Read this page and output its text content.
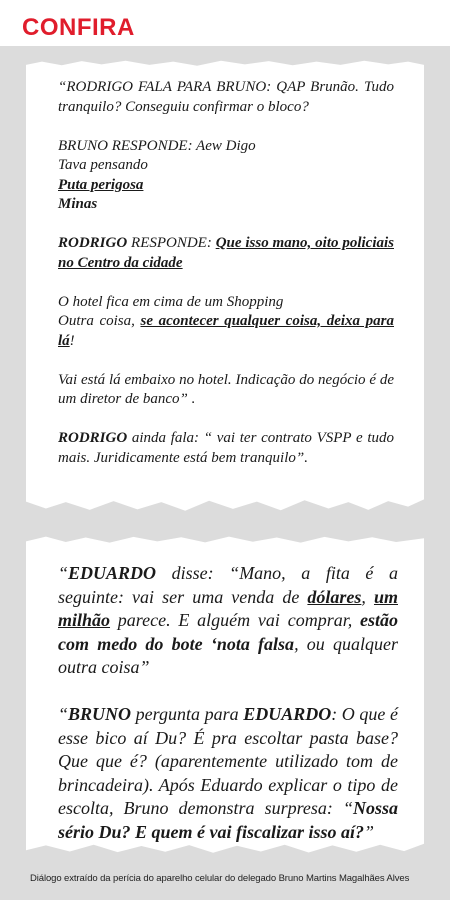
CONFIRA

“RODRIGO FALA PARA BRUNO: QAP Brunão. Tudo tranquilo? Conseguiu confirmar o bloco?

BRUNO RESPONDE: Aew Digo
Tava pensando
Puta perigosa
Minas

RODRIGO RESPONDE: Que isso mano, oito policiais no Centro da cidade

O hotel fica em cima de um Shopping
Outra coisa, se acontecer qualquer coisa, deixa para lá!

Vai está lá embaixo no hotel. Indicação do negócio é de um diretor de banco” .

RODRIGO ainda fala: “ vai ter contrato VSPP e tudo mais. Juridicamente está bem tranquilo”.

“EDUARDO disse: “Mano, a fita é a seguinte: vai ser uma venda de dólares, um milhão parece. E alguém vai comprar, estão com medo do bote ‘nota falsa, ou qualquer outra coisa”

“BRUNO pergunta para EDUARDO: O que é esse bico aí Du? É pra escoltar pasta base? Que que é? (aparentemente utilizado tom de brincadeira). Após Eduardo explicar o tipo de escolta, Bruno demonstra surpresa: “Nossa sério Du? E quem é vai fiscalizar isso aí?”

Diálogo extraído da perícia do aparelho celular do delegado Bruno Martins Magalhães Alves
